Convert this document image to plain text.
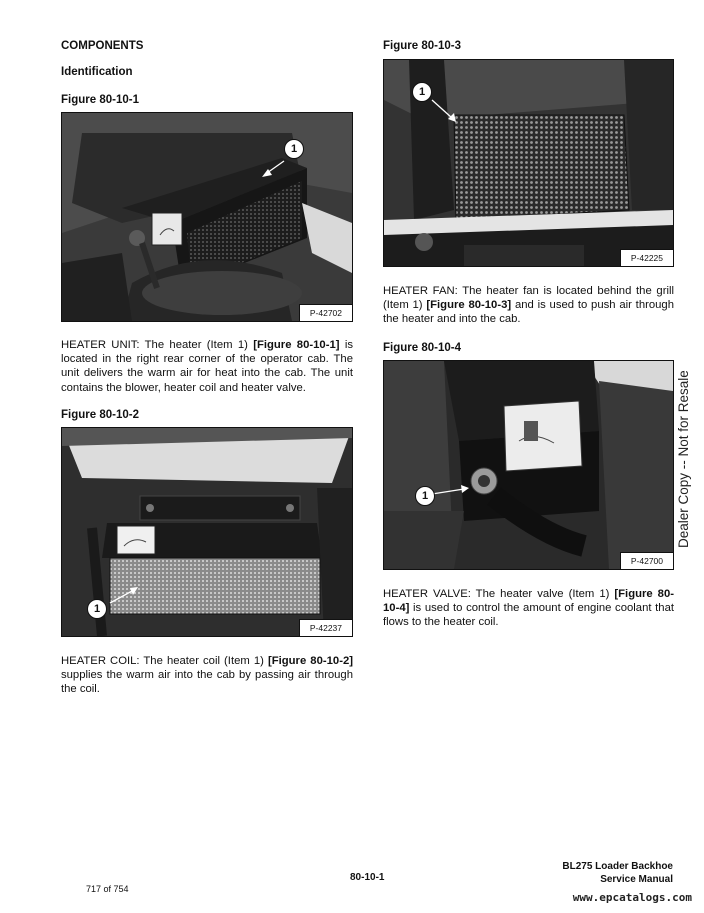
COMPONENTS
Identification
Figure 80-10-1
1
P-42702
HEATER UNIT: The heater (Item 1) [Figure 80-10-1] is
located in the right rear corner of the operator cab. The
unit delivers the warm air for heat into the cab. The unit
contains the blower, heater coil and heater valve.
Figure 80-10-2
1
P-42237
HEATER COIL: The heater coil (Item 1) [Figure 80-10-2]
supplies the warm air into the cab by passing air through
the coil.
Figure 80-10-3
1
P-42225
HEATER FAN: The heater fan is located behind the grill
(Item 1) [Figure 80-10-3] and is used to push air through
the heater and into the cab.
Figure 80-10-4
1
P-42700
HEATER VALVE: The heater valve (Item 1) [Figure 80-
10-4] is used to control the amount of engine coolant that
flows to the heater coil.
Dealer Copy -- Not for Resale
717 of 754
80-10-1
BL275 Loader Backhoe
Service Manual
www.epcatalogs.com
